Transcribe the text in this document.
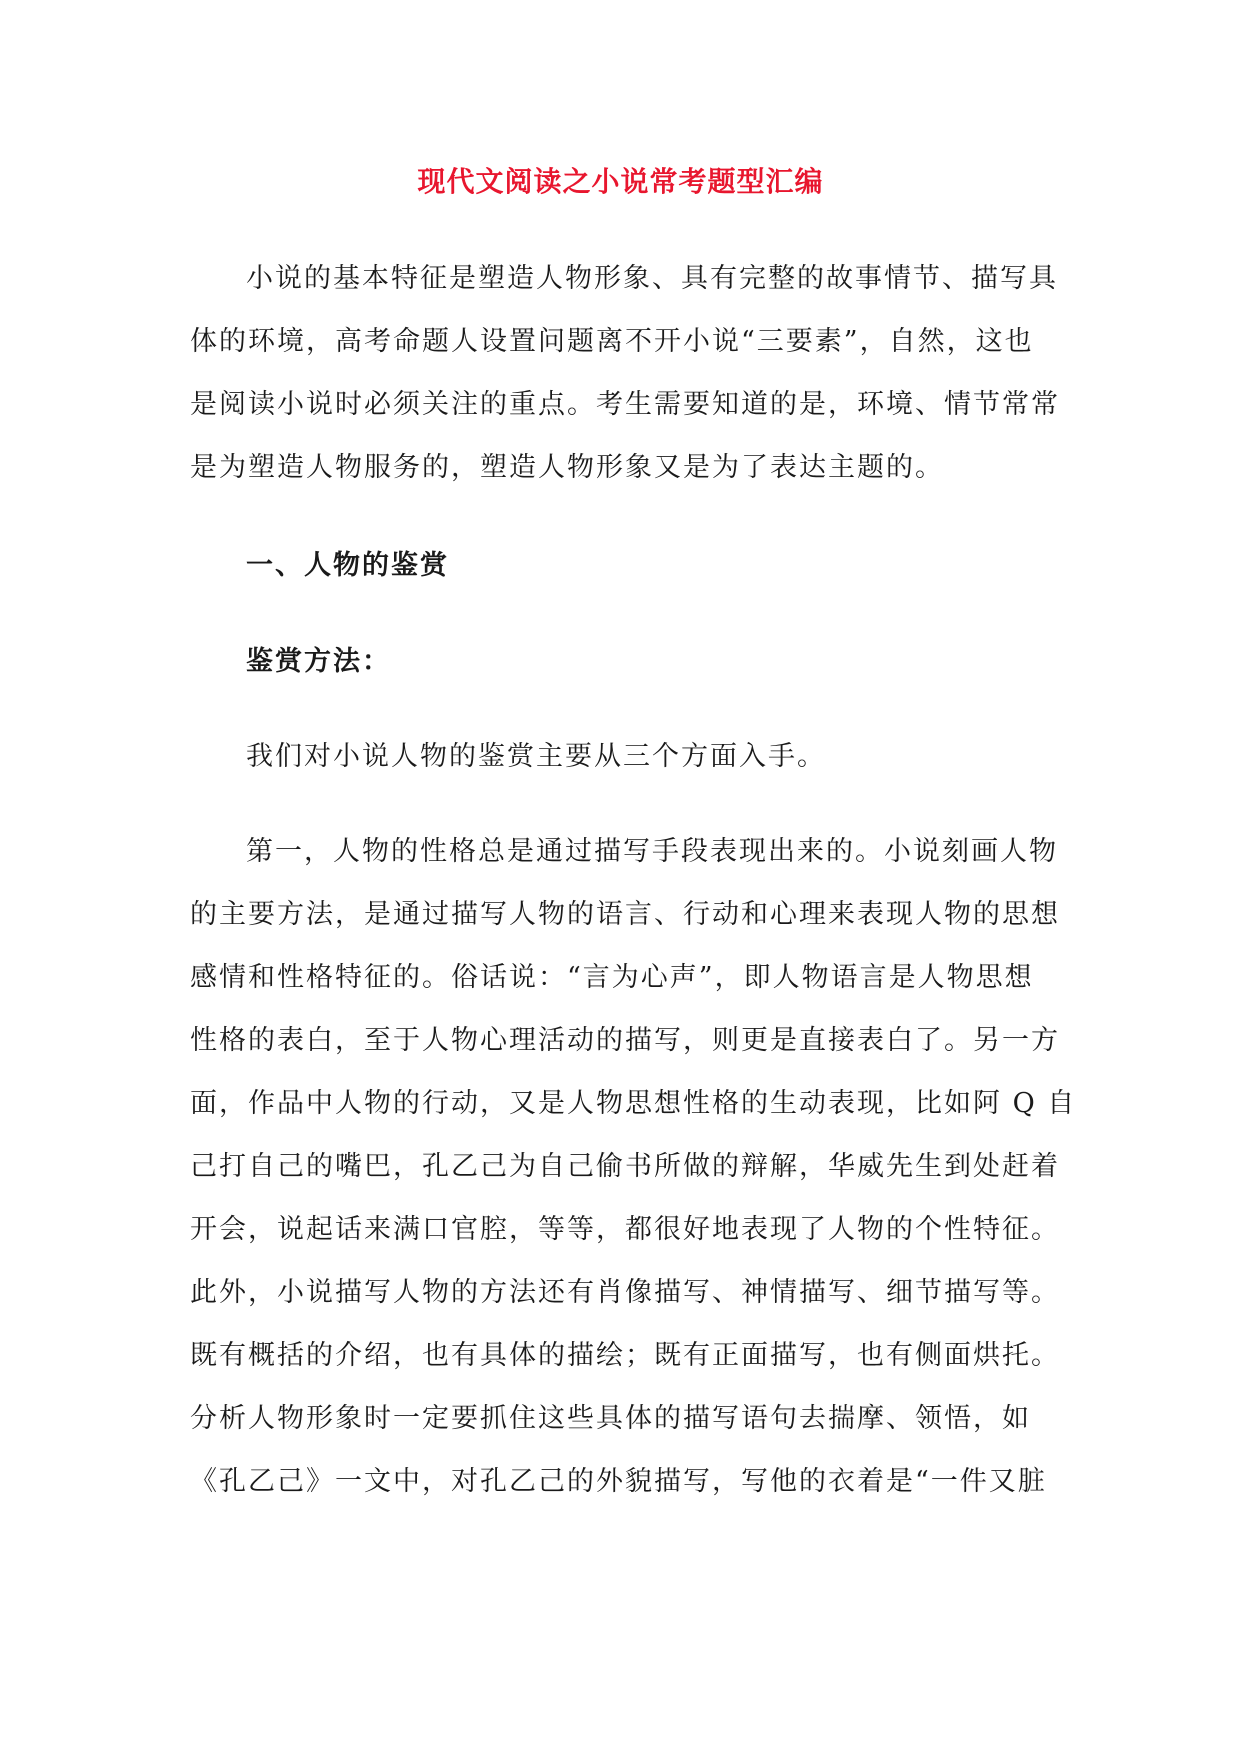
现代文阅读之小说常考题型汇编
小说的基本特征是塑造人物形象、具有完整的故事情节、描写具
体的环境，高考命题人设置问题离不开小说“三要素”，自然，这也
是阅读小说时必须关注的重点。考生需要知道的是，环境、情节常常
是为塑造人物服务的，塑造人物形象又是为了表达主题的。
一、人物的鉴赏
鉴赏方法：
我们对小说人物的鉴赏主要从三个方面入手。
第一，人物的性格总是通过描写手段表现出来的。小说刻画人物
的主要方法，是通过描写人物的语言、行动和心理来表现人物的思想
感情和性格特征的。俗话说：“言为心声”，即人物语言是人物思想
性格的表白，至于人物心理活动的描写，则更是直接表白了。另一方
面，作品中人物的行动，又是人物思想性格的生动表现，比如阿 Q 自
己打自己的嘴巴，孔乙己为自己偷书所做的辩解，华威先生到处赶着
开会，说起话来满口官腔，等等，都很好地表现了人物的个性特征。
此外，小说描写人物的方法还有肖像描写、神情描写、细节描写等。
既有概括的介绍，也有具体的描绘；既有正面描写，也有侧面烘托。
分析人物形象时一定要抓住这些具体的描写语句去揣摩、领悟，如
《孔乙己》一文中，对孔乙己的外貌描写，写他的衣着是“一件又脏
